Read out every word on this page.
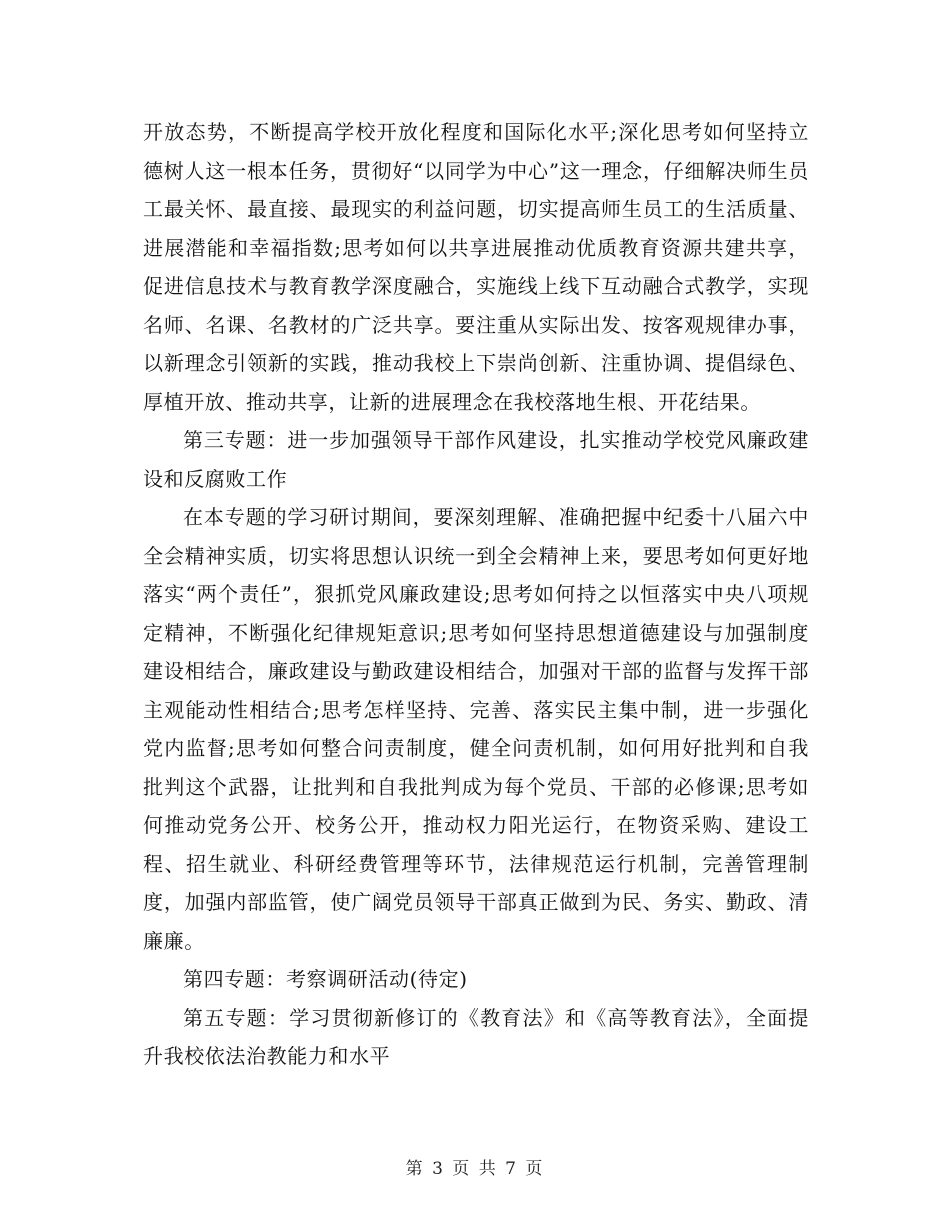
开放态势，不断提高学校开放化程度和国际化水平;深化思考如何坚持立德树人这一根本任务，贯彻好“以同学为中心”这一理念，仔细解决师生员工最关怀、最直接、最现实的利益问题，切实提高师生员工的生活质量、进展潜能和幸福指数;思考如何以共享进展推动优质教育资源共建共享，促进信息技术与教育教学深度融合，实施线上线下互动融合式教学，实现名师、名课、名教材的广泛共享。要注重从实际出发、按客观规律办事，以新理念引领新的实践，推动我校上下崇尚创新、注重协调、提倡绿色、厚植开放、推动共享，让新的进展理念在我校落地生根、开花结果。

第三专题：进一步加强领导干部作风建设，扎实推动学校党风廉政建设和反腐败工作

在本专题的学习研讨期间，要深刻理解、准确把握中纪委十八届六中全会精神实质，切实将思想认识统一到全会精神上来，要思考如何更好地落实“两个责任”，狠抓党风廉政建设;思考如何持之以恒落实中央八项规定精神，不断强化纪律规矩意识;思考如何坚持思想道德建设与加强制度建设相结合，廉政建设与勤政建设相结合，加强对干部的监督与发挥干部主观能动性相结合;思考怎样坚持、完善、落实民主集中制，进一步强化党内监督;思考如何整合问责制度，健全问责机制，如何用好批判和自我批判这个武器，让批判和自我批判成为每个党员、干部的必修课;思考如何推动党务公开、校务公开，推动权力阳光运行，在物资采购、建设工程、招生就业、科研经费管理等环节，法律规范运行机制，完善管理制度，加强内部监管，使广阔党员领导干部真正做到为民、务实、勤政、清廉廉。

第四专题：考察调研活动(待定)

第五专题：学习贯彻新修订的《教育法》和《高等教育法》，全面提升我校依法治教能力和水平

第 3 页 共 7 页
